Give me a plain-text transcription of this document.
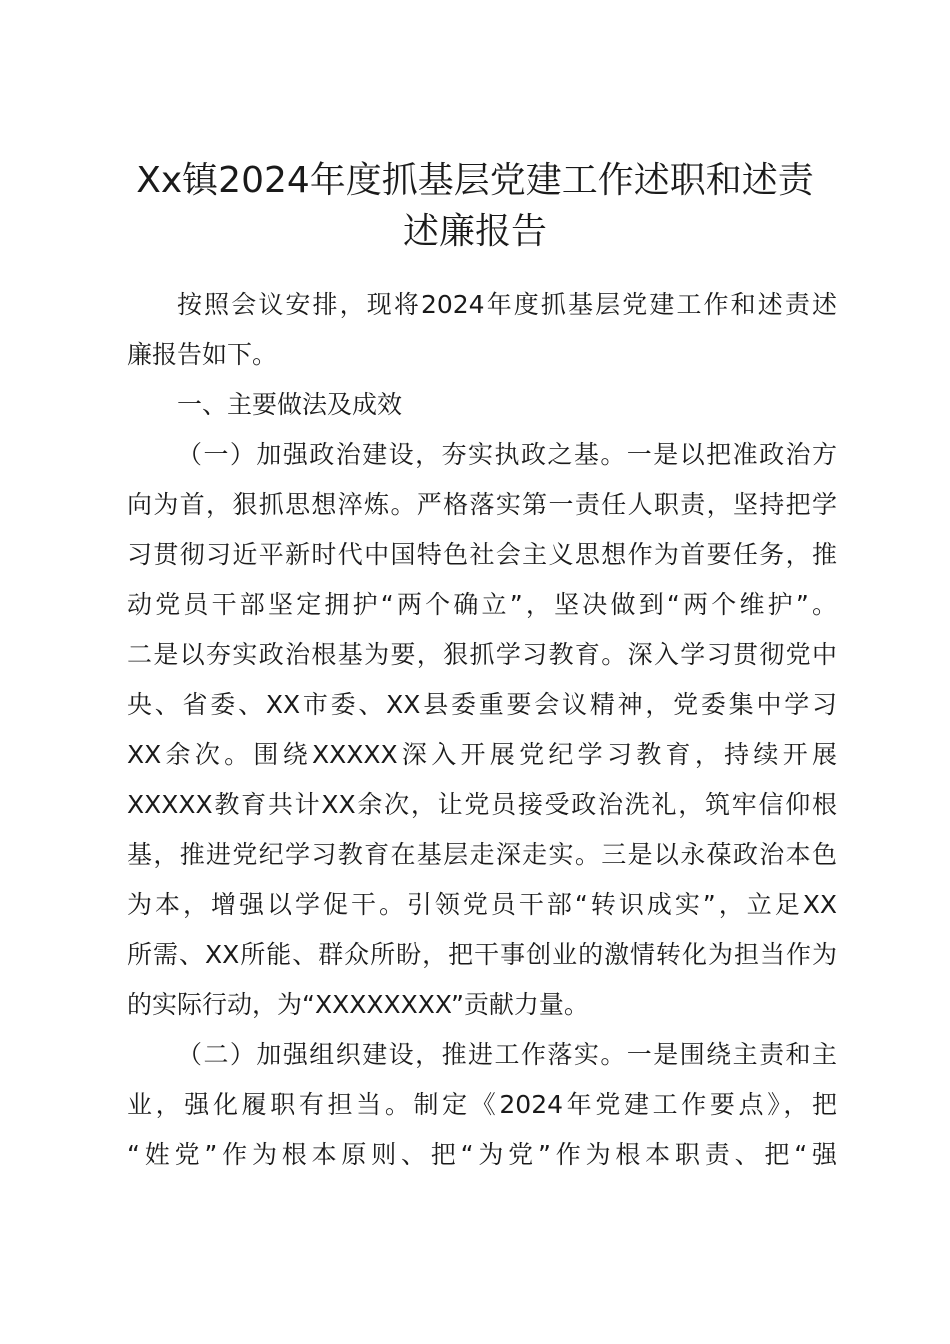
Xx镇2024年度抓基层党建工作述职和述责
述廉报告
按照会议安排，现将2024年度抓基层党建工作和述责述
廉报告如下。
一、主要做法及成效
（一）加强政治建设，夯实执政之基。一是以把准政治方
向为首，狠抓思想淬炼。严格落实第一责任人职责，坚持把学
习贯彻习近平新时代中国特色社会主义思想作为首要任务，推
动党员干部坚定拥护“两个确立”，坚决做到“两个维护”。
二是以夯实政治根基为要，狠抓学习教育。深入学习贯彻党中
央、省委、XX市委、XX县委重要会议精神，党委集中学习
XX余次。围绕XXXXX深入开展党纪学习教育，持续开展
XXXXX教育共计XX余次，让党员接受政治洗礼，筑牢信仰根
基，推进党纪学习教育在基层走深走实。三是以永葆政治本色
为本，增强以学促干。引领党员干部“转识成实”，立足XX
所需、XX所能、群众所盼，把干事创业的激情转化为担当作为
的实际行动，为“XXXXXXXX”贡献力量。
（二）加强组织建设，推进工作落实。一是围绕主责和主
业，强化履职有担当。制定《2024年党建工作要点》，把
“姓党”作为根本原则、把“为党”作为根本职责、把“强
